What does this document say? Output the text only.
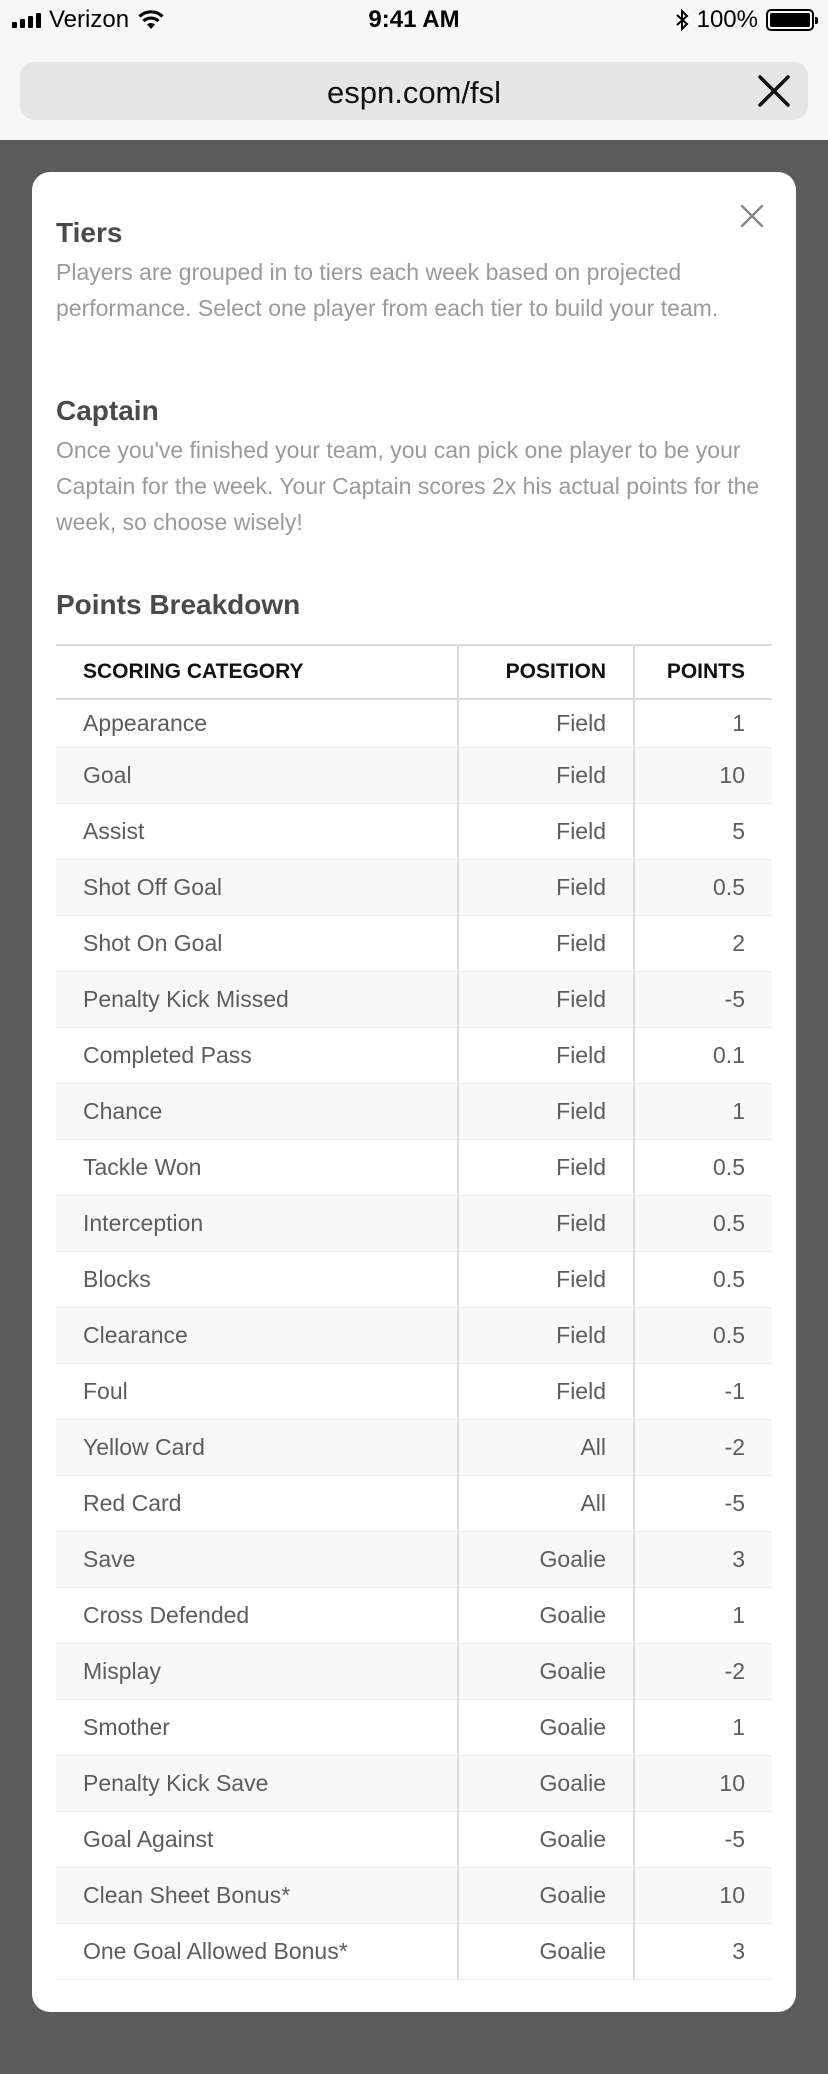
Verizon	9:41 AM	100%
espn.com/fsl
Tiers

Players are grouped in to tiers each week based on projected performance. Select one player from each tier to build your team.

Captain

Once you've finished your team, you can pick one player to be your Captain for the week. Your Captain scores 2x his actual points for the week, so choose wisely!

Points Breakdown
SCORING CATEGORY	POSITION	POINTS
Appearance	Field	1
Goal	Field	10
Assist	Field	5
Shot Off Goal	Field	0.5
Shot On Goal	Field	2
Penalty Kick Missed	Field	-5
Completed Pass	Field	0.1
Chance	Field	1
Tackle Won	Field	0.5
Interception	Field	0.5
Blocks	Field	0.5
Clearance	Field	0.5
Foul	Field	-1
Yellow Card	All	-2
Red Card	All	-5
Save	Goalie	3
Cross Defended	Goalie	1
Misplay	Goalie	-2
Smother	Goalie	1
Penalty Kick Save	Goalie	10
Goal Against	Goalie	-5
Clean Sheet Bonus*	Goalie	10
One Goal Allowed Bonus*	Goalie	3
